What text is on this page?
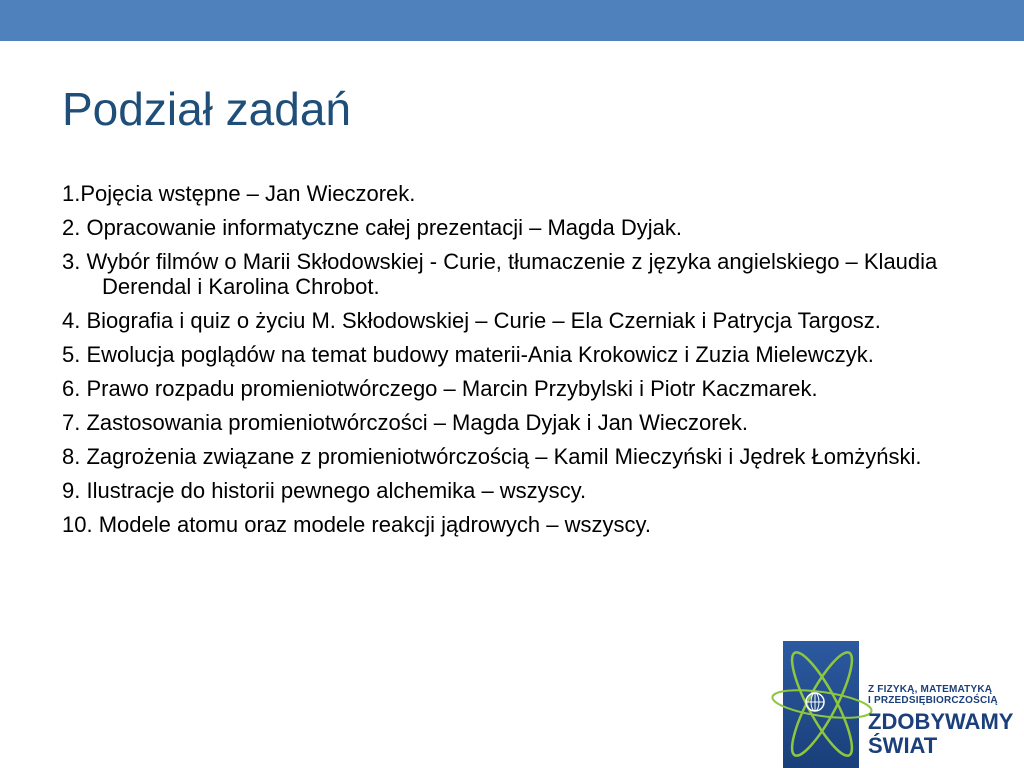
Podział zadań
1.Pojęcia wstępne – Jan Wieczorek.
2. Opracowanie informatyczne całej prezentacji – Magda Dyjak.
3. Wybór filmów o Marii Skłodowskiej - Curie, tłumaczenie z języka angielskiego – Klaudia Derendal i Karolina Chrobot.
4. Biografia i quiz o życiu M. Skłodowskiej – Curie – Ela Czerniak i Patrycja Targosz.
5. Ewolucja poglądów na temat budowy materii-Ania Krokowicz i Zuzia Mielewczyk.
6. Prawo rozpadu promieniotwórczego – Marcin Przybylski i Piotr Kaczmarek.
7. Zastosowania promieniotwórczości – Magda Dyjak i Jan Wieczorek.
8. Zagrożenia związane z promieniotwórczością – Kamil Mieczyński i Jędrek Łomżyński.
9. Ilustracje do historii pewnego alchemika – wszyscy.
10. Modele atomu oraz modele reakcji jądrowych – wszyscy.
Z FIZYKĄ, MATEMATYKĄ
I PRZEDSIĘBIORCZOŚCIĄ
ZDOBYWAMY
ŚWIAT
